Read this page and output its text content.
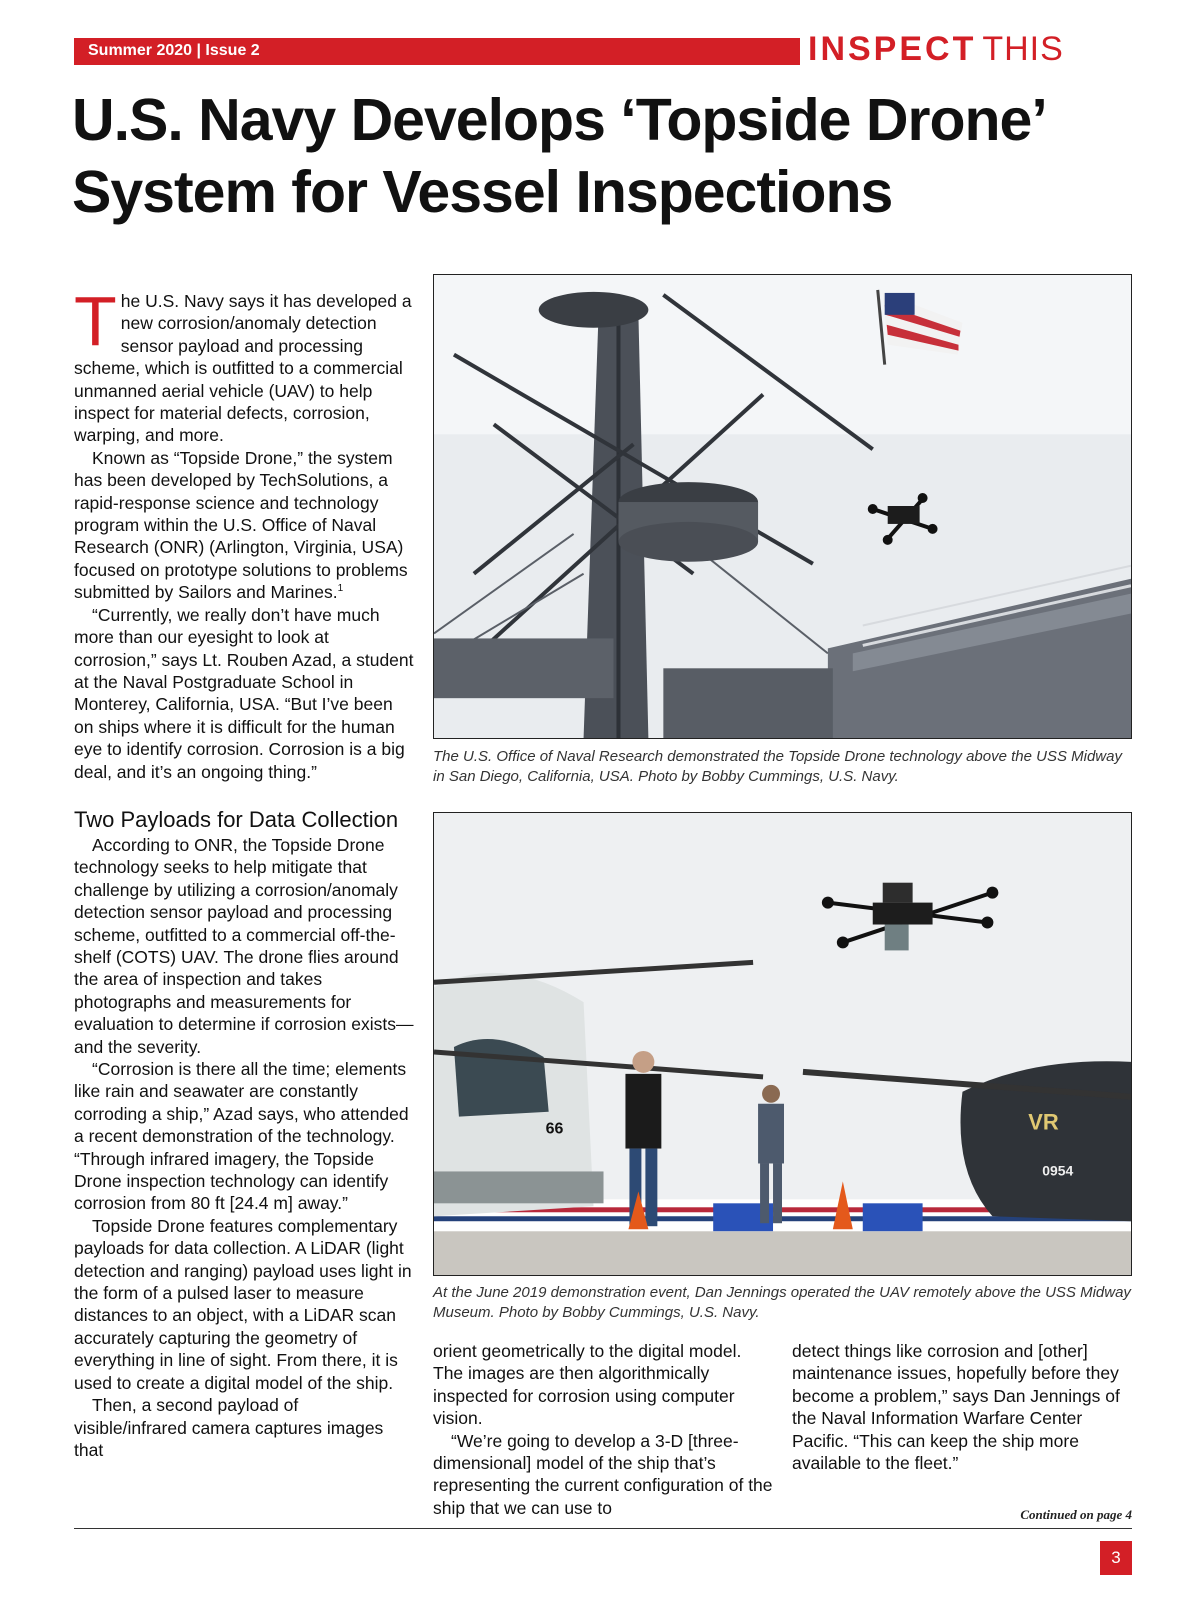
Summer 2020 | Issue 2	INSPECT THIS
U.S. Navy Develops ‘Topside Drone’
System for Vessel Inspections

The U.S. Navy says it has developed a new corrosion/anomaly detection sensor payload and processing scheme, which is outfitted to a commercial unmanned aerial vehicle (UAV) to help inspect for material defects, corrosion, warping, and more.

Known as “Topside Drone,” the system has been developed by TechSolutions, a rapid-response science and technology program within the U.S. Office of Naval Research (ONR) (Arlington, Virginia, USA) focused on prototype solutions to problems submitted by Sailors and Marines.$^1$

“Currently, we really don’t have much more than our eyesight to look at corrosion,” says Lt. Rouben Azad, a student at the Naval Postgraduate School in Monterey, California, USA. “But I’ve been on ships where it is difficult for the human eye to identify corrosion. Corrosion is a big deal, and it’s an ongoing thing.”

Two Payloads for Data Collection

According to ONR, the Topside Drone technology seeks to help mitigate that challenge by utilizing a corrosion/anomaly detection sensor payload and processing scheme, outfitted to a commercial off-the-shelf (COTS) UAV. The drone flies around the area of inspection and takes photographs and measurements for evaluation to determine if corrosion exists—and the severity.

“Corrosion is there all the time; elements like rain and seawater are constantly corroding a ship,” Azad says, who attended a recent demonstration of the technology. “Through infrared imagery, the Topside Drone inspection technology can identify corrosion from 80 ft [24.4 m] away.”

Topside Drone features complementary payloads for data collection. A LiDAR (light detection and ranging) payload uses light in the form of a pulsed laser to measure distances to an object, with a LiDAR scan accurately capturing the geometry of everything in line of sight. From there, it is used to create a digital model of the ship.

Then, a second payload of visible/infrared camera captures images that

The U.S. Office of Naval Research demonstrated the Topside Drone technology above the USS Midway in San Diego, California, USA. Photo by Bobby Cummings, U.S. Navy.
66	VR
0954
At the June 2019 demonstration event, Dan Jennings operated the UAV remotely above the USS Midway Museum. Photo by Bobby Cummings, U.S. Navy.

orient geometrically to the digital model. The images are then algorithmically inspected for corrosion using computer vision.

“We’re going to develop a 3-D [three-dimensional] model of the ship that’s representing the current configuration of the ship that we can use to

detect things like corrosion and [other] maintenance issues, hopefully before they become a problem,” says Dan Jennings of the Naval Information Warfare Center Pacific. “This can keep the ship more available to the fleet.”

Continued on page 4
3
